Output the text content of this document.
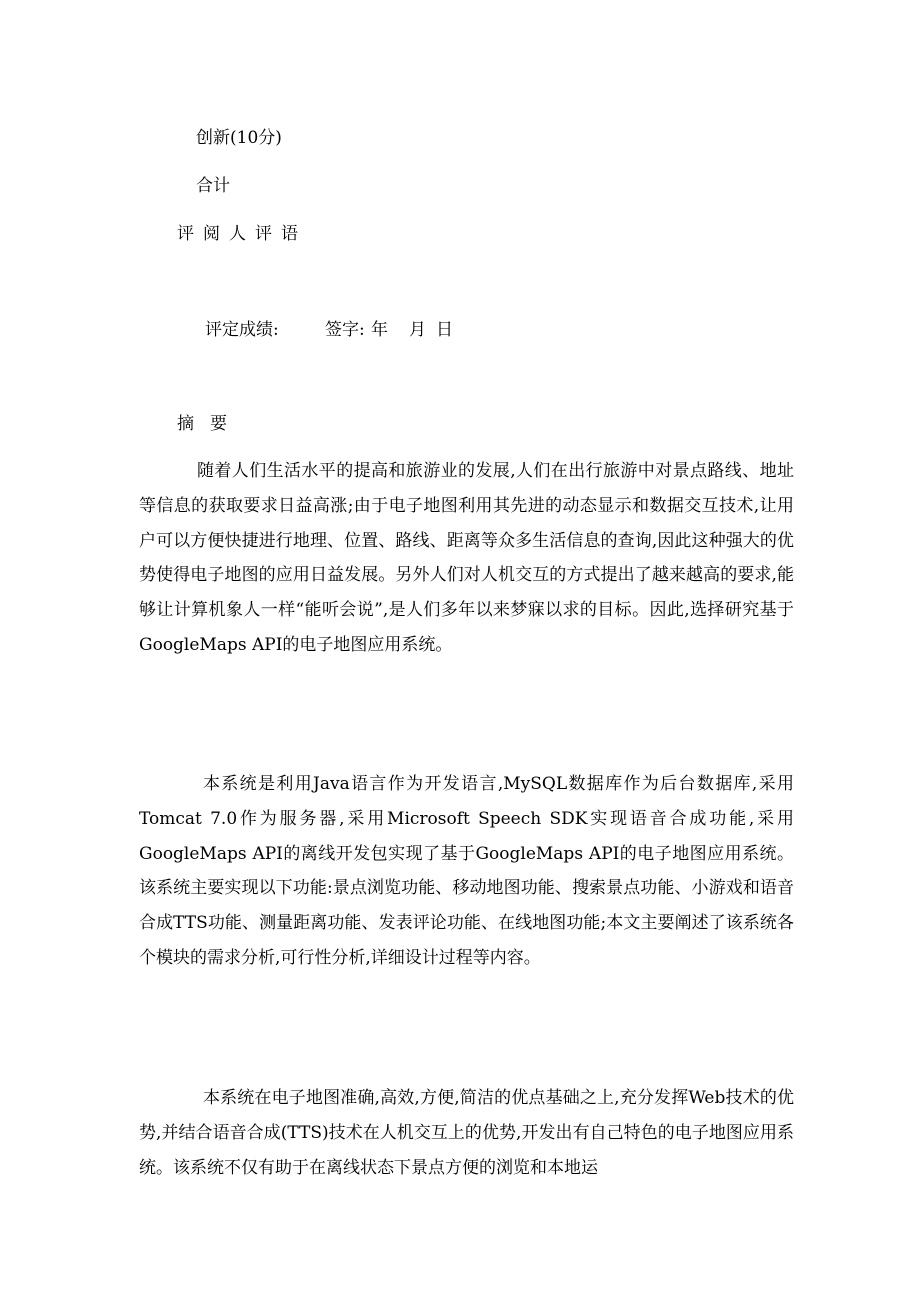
创新(10分)
合计
评阅人评语
评定成绩:	签字: 年 月 日
摘要

随着人们生活水平的提高和旅游业的发展,人们在出行旅游中对景点路线、地址等信息的获取要求日益高涨;由于电子地图利用其先进的动态显示和数据交互技术,让用户可以方便快捷进行地理、位置、路线、距离等众多生活信息的查询,因此这种强大的优势使得电子地图的应用日益发展。另外人们对人机交互的方式提出了越来越高的要求,能够让计算机象人一样“能听会说”,是人们多年以来梦寐以求的目标。因此,选择研究基于GoogleMaps API的电子地图应用系统。

本系统是利用Java语言作为开发语言,MySQL数据库作为后台数据库,采用Tomcat 7.0作为服务器,采用Microsoft Speech SDK实现语音合成功能,采用GoogleMaps API的离线开发包实现了基于GoogleMaps API的电子地图应用系统。该系统主要实现以下功能:景点浏览功能、移动地图功能、搜索景点功能、小游戏和语音合成TTS功能、测量距离功能、发表评论功能、在线地图功能;本文主要阐述了该系统各个模块的需求分析,可行性分析,详细设计过程等内容。

本系统在电子地图准确,高效,方便,简洁的优点基础之上,充分发挥Web技术的优势,并结合语音合成(TTS)技术在人机交互上的优势,开发出有自己特色的电子地图应用系统。该系统不仅有助于在离线状态下景点方便的浏览和本地运
